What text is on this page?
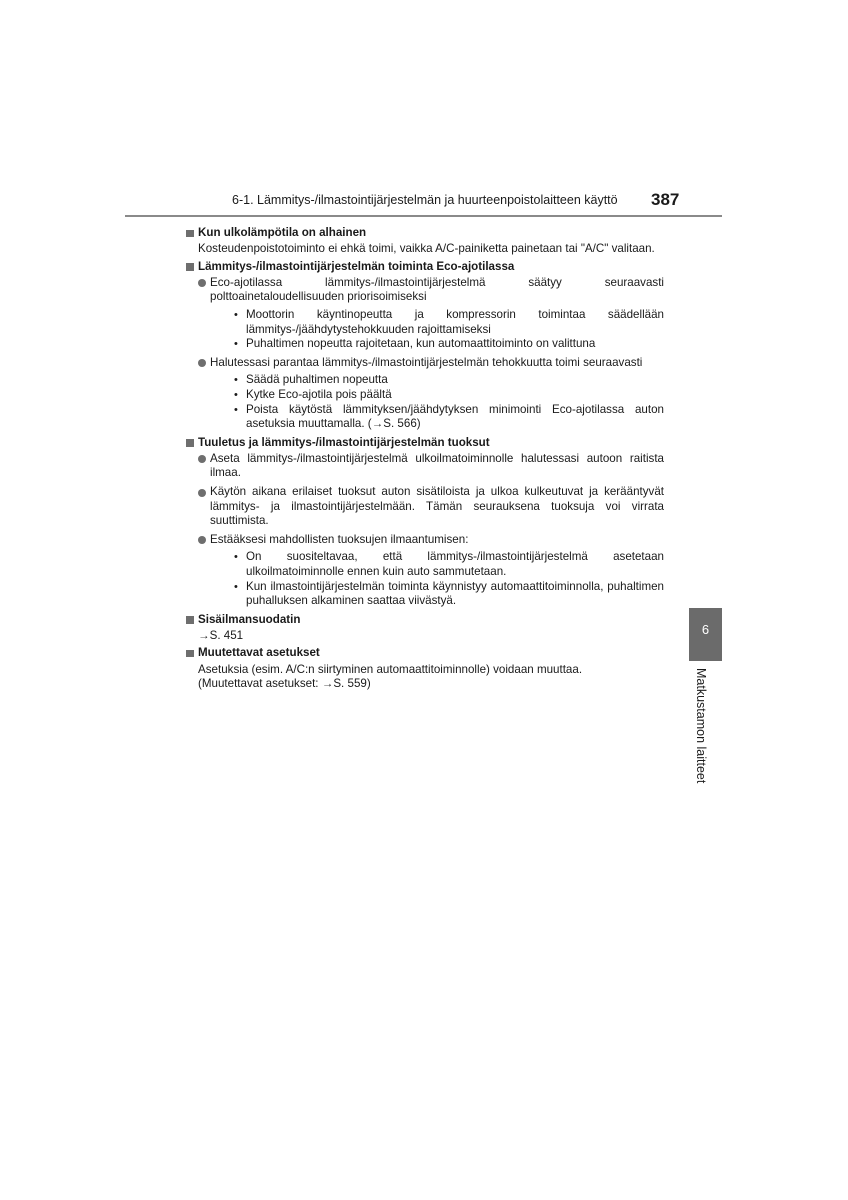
6-1. Lämmitys-/ilmastointijärjestelmän ja huurteenpoistolaitteen käyttö 387
Kun ulkolämpötila on alhainen
Kosteudenpoistotoiminto ei ehkä toimi, vaikka A/C-painiketta painetaan tai "A/C" valitaan.
Lämmitys-/ilmastointijärjestelmän toiminta Eco-ajotilassa
Eco-ajotilassa lämmitys-/ilmastointijärjestelmä säätyy seuraavasti polttoainetaloudellisuuden priorisoimiseksi
• Moottorin käyntinopeutta ja kompressorin toimintaa säädellään lämmitys-/jäähdytystehokkuuden rajoittamiseksi
• Puhaltimen nopeutta rajoitetaan, kun automaattitoiminto on valittuna
Halutessasi parantaa lämmitys-/ilmastointijärjestelmän tehokkuutta toimi seuraavasti
• Säädä puhaltimen nopeutta
• Kytke Eco-ajotila pois päältä
• Poista käytöstä lämmityksen/jäähdytyksen minimointi Eco-ajotilassa auton asetuksia muuttamalla. (→S. 566)
Tuuletus ja lämmitys-/ilmastointijärjestelmän tuoksut
Aseta lämmitys-/ilmastointijärjestelmä ulkoilmatoiminnolle halutessasi autoon raitista ilmaa.
Käytön aikana erilaiset tuoksut auton sisätiloista ja ulkoa kulkeutuvat ja kerääntyvät lämmitys- ja ilmastointijärjestelmään. Tämän seurauksena tuoksuja voi virrata suuttimista.
Estääksesi mahdollisten tuoksujen ilmaantumisen:
• On suositeltavaa, että lämmitys-/ilmastointijärjestelmä asetetaan ulkoilmatoiminnolle ennen kuin auto sammutetaan.
• Kun ilmastointijärjestelmän toiminta käynnistyy automaattitoiminnolla, puhaltimen puhalluksen alkaminen saattaa viivästyä.
Sisäilmansuodatin
→S. 451
Muutettavat asetukset
Asetuksia (esim. A/C:n siirtyminen automaattitoiminnolle) voidaan muuttaa.
(Muutettavat asetukset: →S. 559)
6
Matkustamon laitteet
